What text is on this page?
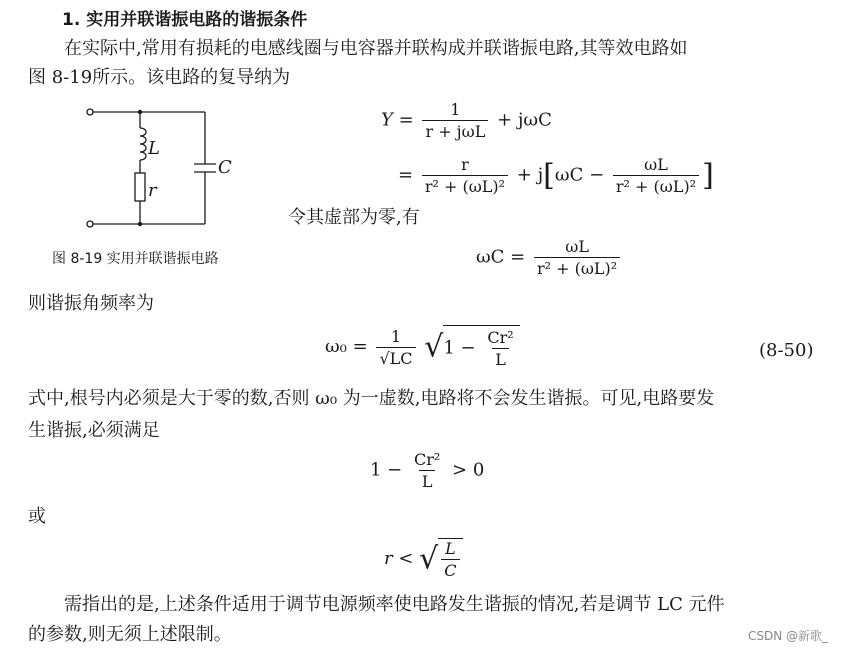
1. 实用并联谐振电路的谐振条件
在实际中,常用有损耗的电感线圈与电容器并联构成并联谐振电路,其等效电路如
图 8-19所示。该电路的复导纳为
L
r
C
图 8-19 实用并联谐振电路
$Y = \frac{1}{\text{r + jωL}} + j\omega C$
= $\frac{r}{\text{r² + (ωL)²}} + j[\omega C - \frac{\omega L}{\text{r² + (ωL)²}}$ ]
令其虚部为零,有
$\omega C = \frac{\omega L}{\text{r² + (ωL)²}}$
则谐振角频率为
$\omega_0 = \frac{1}{√LC} √1 - \frac{\text{Cr²}}{L}$	(8-50)
式中,根号内必须是大于零的数,否则 ω₀ 为一虚数,电路将不会发生谐振。可见,电路要发
生谐振,必须满足
$1 - \frac{\text{Cr²}}{L} > 0$
或
r < √ $\frac{L}{C}$
需指出的是,上述条件适用于调节电源频率使电路发生谐振的情况,若是调节 LC 元件
的参数,则无须上述限制。	CSDN @新歌_
